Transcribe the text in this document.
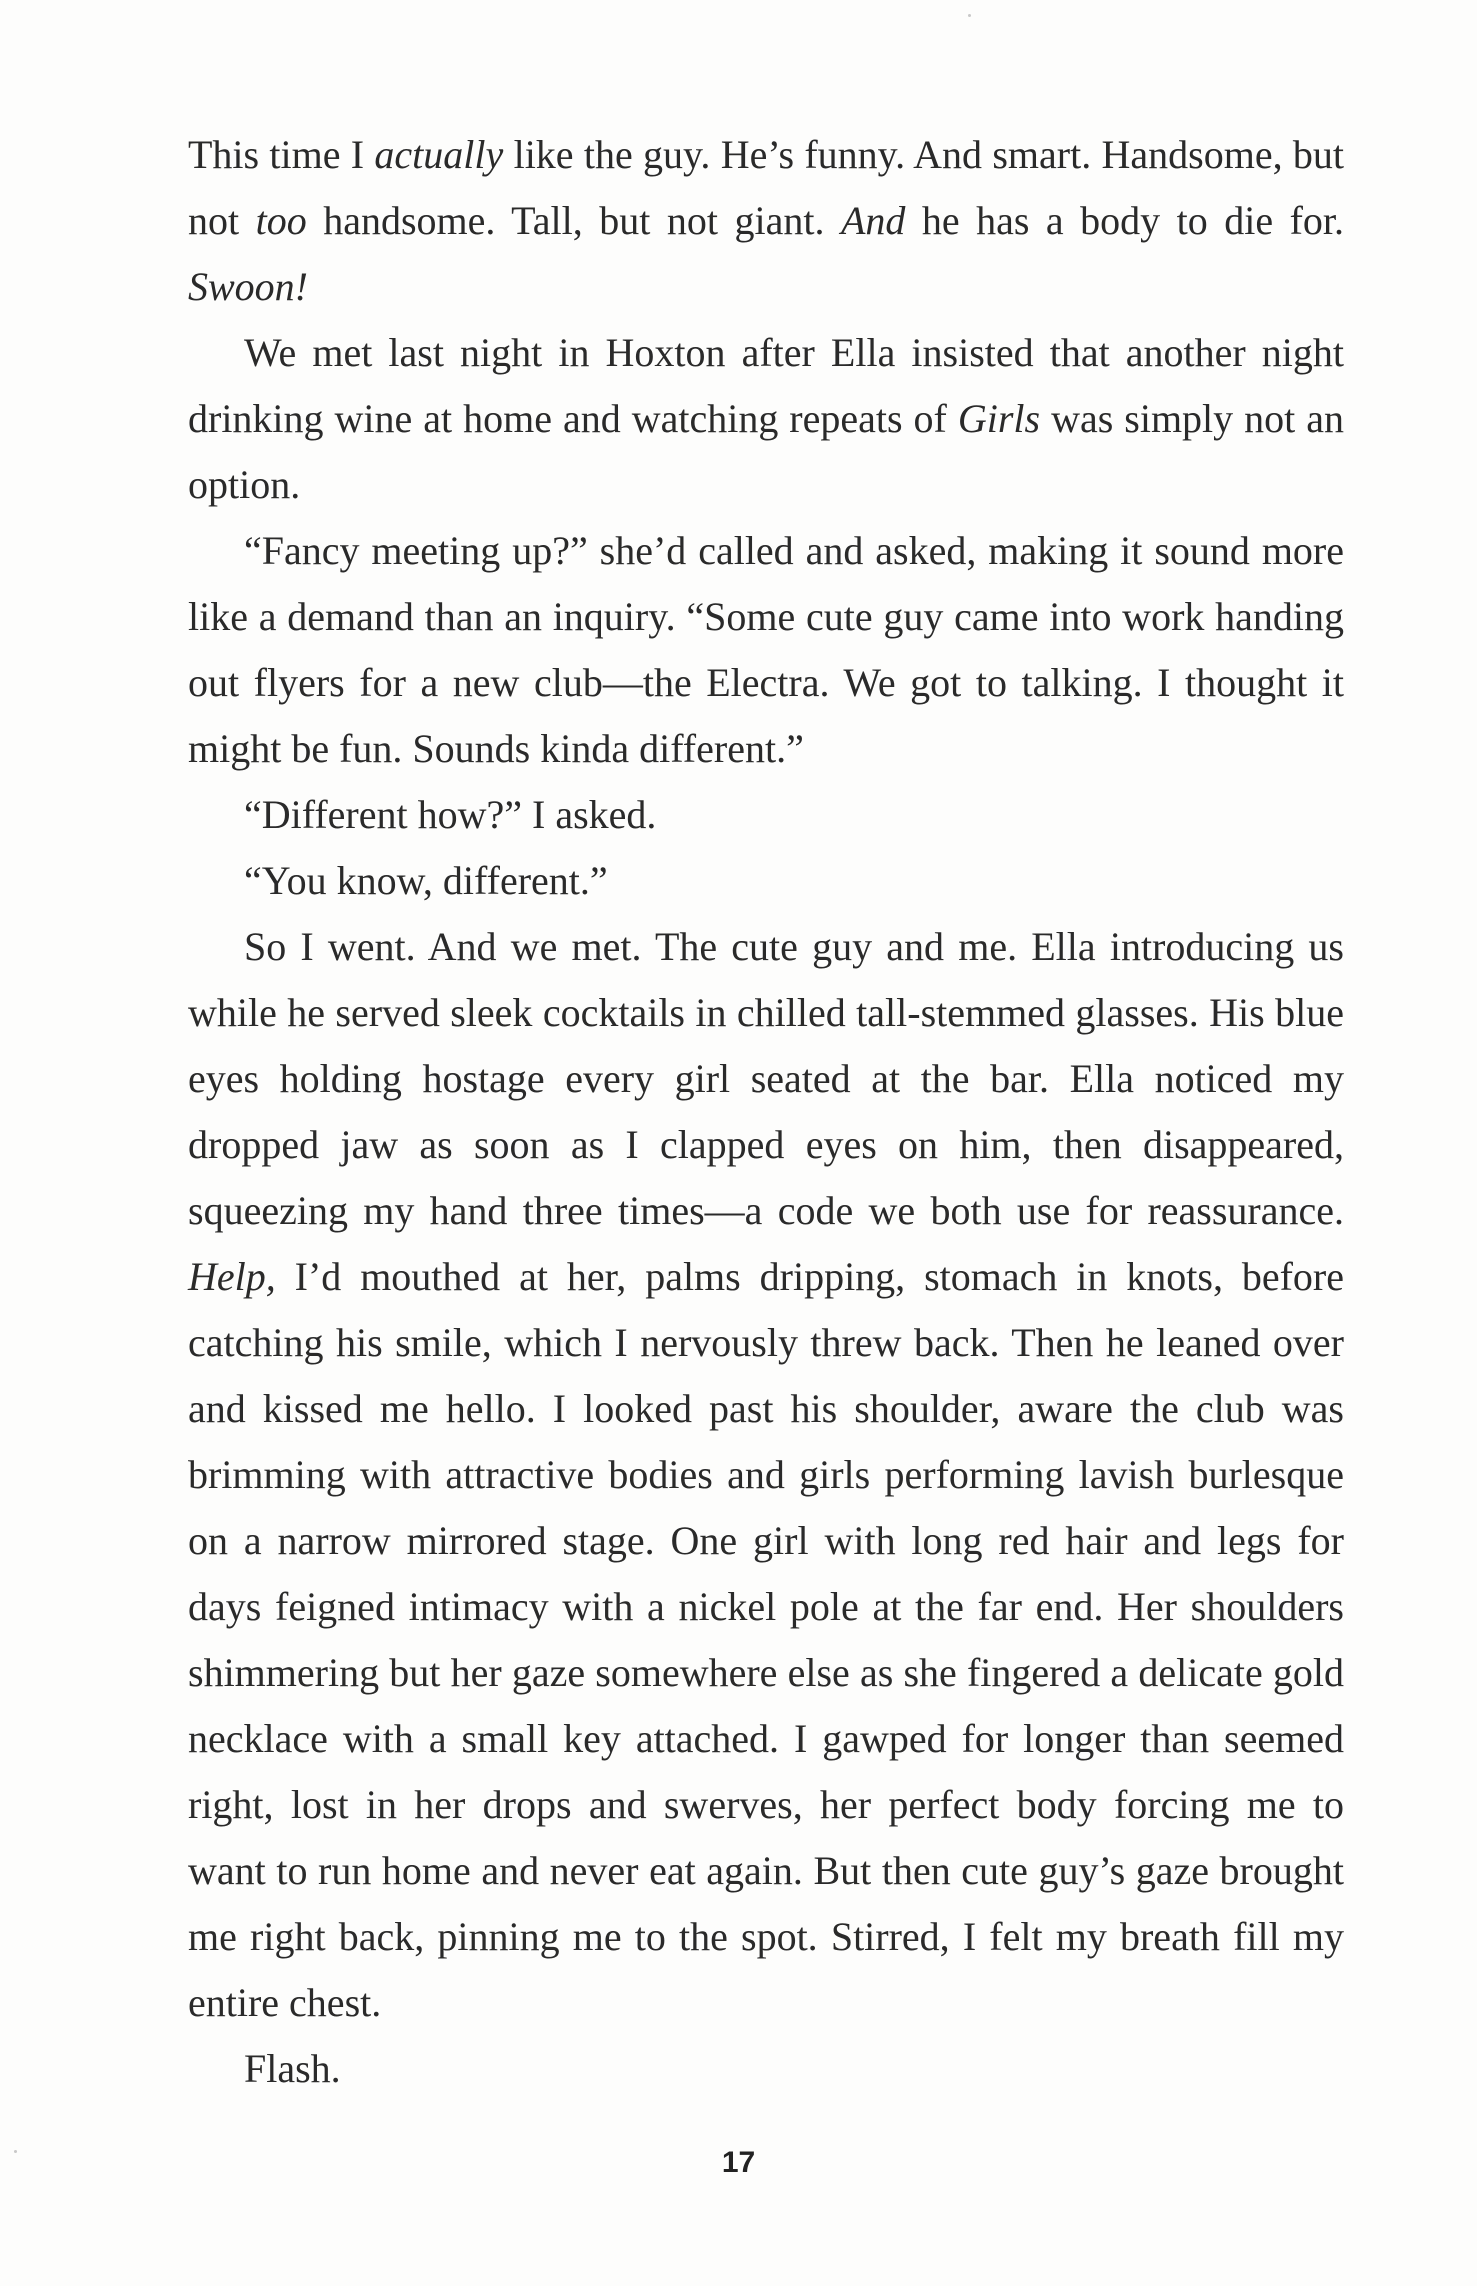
This time I actually like the guy. He’s funny. And smart. Handsome, but not too handsome. Tall, but not giant. And he has a body to die for. Swoon!

We met last night in Hoxton after Ella insisted that another night drinking wine at home and watching repeats of Girls was simply not an option.

“Fancy meeting up?” she’d called and asked, making it sound more like a demand than an inquiry. “Some cute guy came into work handing out flyers for a new club—the Electra. We got to talking. I thought it might be fun. Sounds kinda different.”

“Different how?” I asked.

“You know, different.”

So I went. And we met. The cute guy and me. Ella introducing us while he served sleek cocktails in chilled tall-stemmed glasses. His blue eyes holding hostage every girl seated at the bar. Ella noticed my dropped jaw as soon as I clapped eyes on him, then disappeared, squeezing my hand three times—a code we both use for reassurance. Help, I’d mouthed at her, palms dripping, stomach in knots, before catching his smile, which I nervously threw back. Then he leaned over and kissed me hello. I looked past his shoulder, aware the club was brimming with attractive bodies and girls performing lavish burlesque on a narrow mirrored stage. One girl with long red hair and legs for days feigned intimacy with a nickel pole at the far end. Her shoulders shimmering but her gaze somewhere else as she fingered a delicate gold necklace with a small key attached. I gawped for longer than seemed right, lost in her drops and swerves, her perfect body forcing me to want to run home and never eat again. But then cute guy’s gaze brought me right back, pinning me to the spot. Stirred, I felt my breath fill my entire chest.

Flash.

17
